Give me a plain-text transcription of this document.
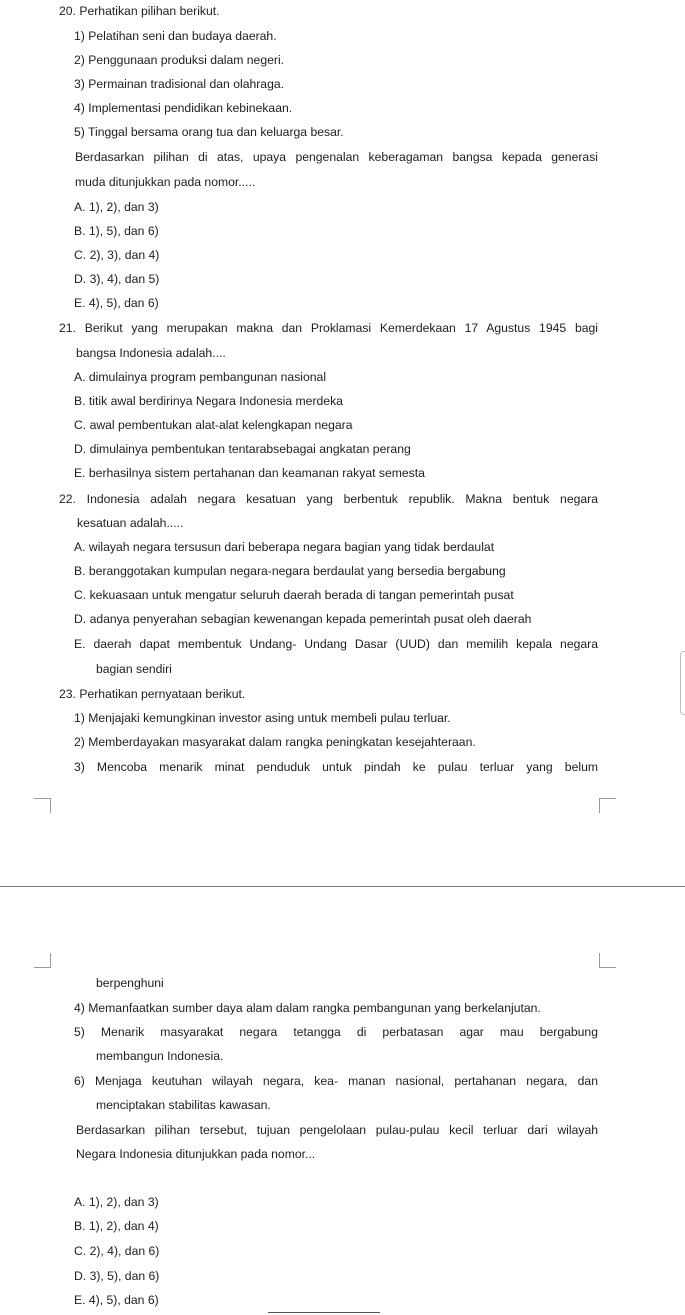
20. Perhatikan pilihan berikut.
1) Pelatihan seni dan budaya daerah.
2) Penggunaan produksi dalam negeri.
3) Permainan tradisional dan olahraga.
4) Implementasi pendidikan kebinekaan.
5) Tinggal bersama orang tua dan keluarga besar.
Berdasarkan pilihan di atas, upaya pengenalan keberagaman bangsa kepada generasi
muda ditunjukkan pada nomor.....
A. 1), 2), dan 3)
B. 1), 5), dan 6)
C. 2), 3), dan 4)
D. 3), 4), dan 5)
E. 4), 5), dan 6)
21. Berikut yang merupakan makna dan Proklamasi Kemerdekaan 17 Agustus 1945 bagi
bangsa Indonesia adalah....
A. dimulainya program pembangunan nasional
B. titik awal berdirinya Negara Indonesia merdeka
C. awal pembentukan alat-alat kelengkapan negara
D. dimulainya pembentukan tentarabsebagai angkatan perang
E. berhasilnya sistem pertahanan dan keamanan rakyat semesta
22. Indonesia adalah negara kesatuan yang berbentuk republik. Makna bentuk negara
kesatuan adalah.....
A. wilayah negara tersusun dari beberapa negara bagian yang tidak berdaulat
B. beranggotakan kumpulan negara-negara berdaulat yang bersedia bergabung
C. kekuasaan untuk mengatur seluruh daerah berada di tangan pemerintah pusat
D. adanya penyerahan sebagian kewenangan kepada pemerintah pusat oleh daerah
E. daerah dapat membentuk Undang- Undang Dasar (UUD) dan memilih kepala negara
bagian sendiri
23. Perhatikan pernyataan berikut.
1) Menjajaki kemungkinan investor asing untuk membeli pulau terluar.
2) Memberdayakan masyarakat dalam rangka peningkatan kesejahteraan.
3) Mencoba menarik minat penduduk untuk pindah ke pulau terluar yang belum
berpenghuni
4) Memanfaatkan sumber daya alam dalam rangka pembangunan yang berkelanjutan.
5) Menarik masyarakat negara tetangga di perbatasan agar mau bergabung
membangun Indonesia.
6) Menjaga keutuhan wilayah negara, kea- manan nasional, pertahanan negara, dan
menciptakan stabilitas kawasan.
Berdasarkan pilihan tersebut, tujuan pengelolaan pulau-pulau kecil terluar dari wilayah
Negara Indonesia ditunjukkan pada nomor...
A. 1), 2), dan 3)
B. 1), 2), dan 4)
C. 2), 4), dan 6)
D. 3), 5), dan 6)
E. 4), 5), dan 6)
